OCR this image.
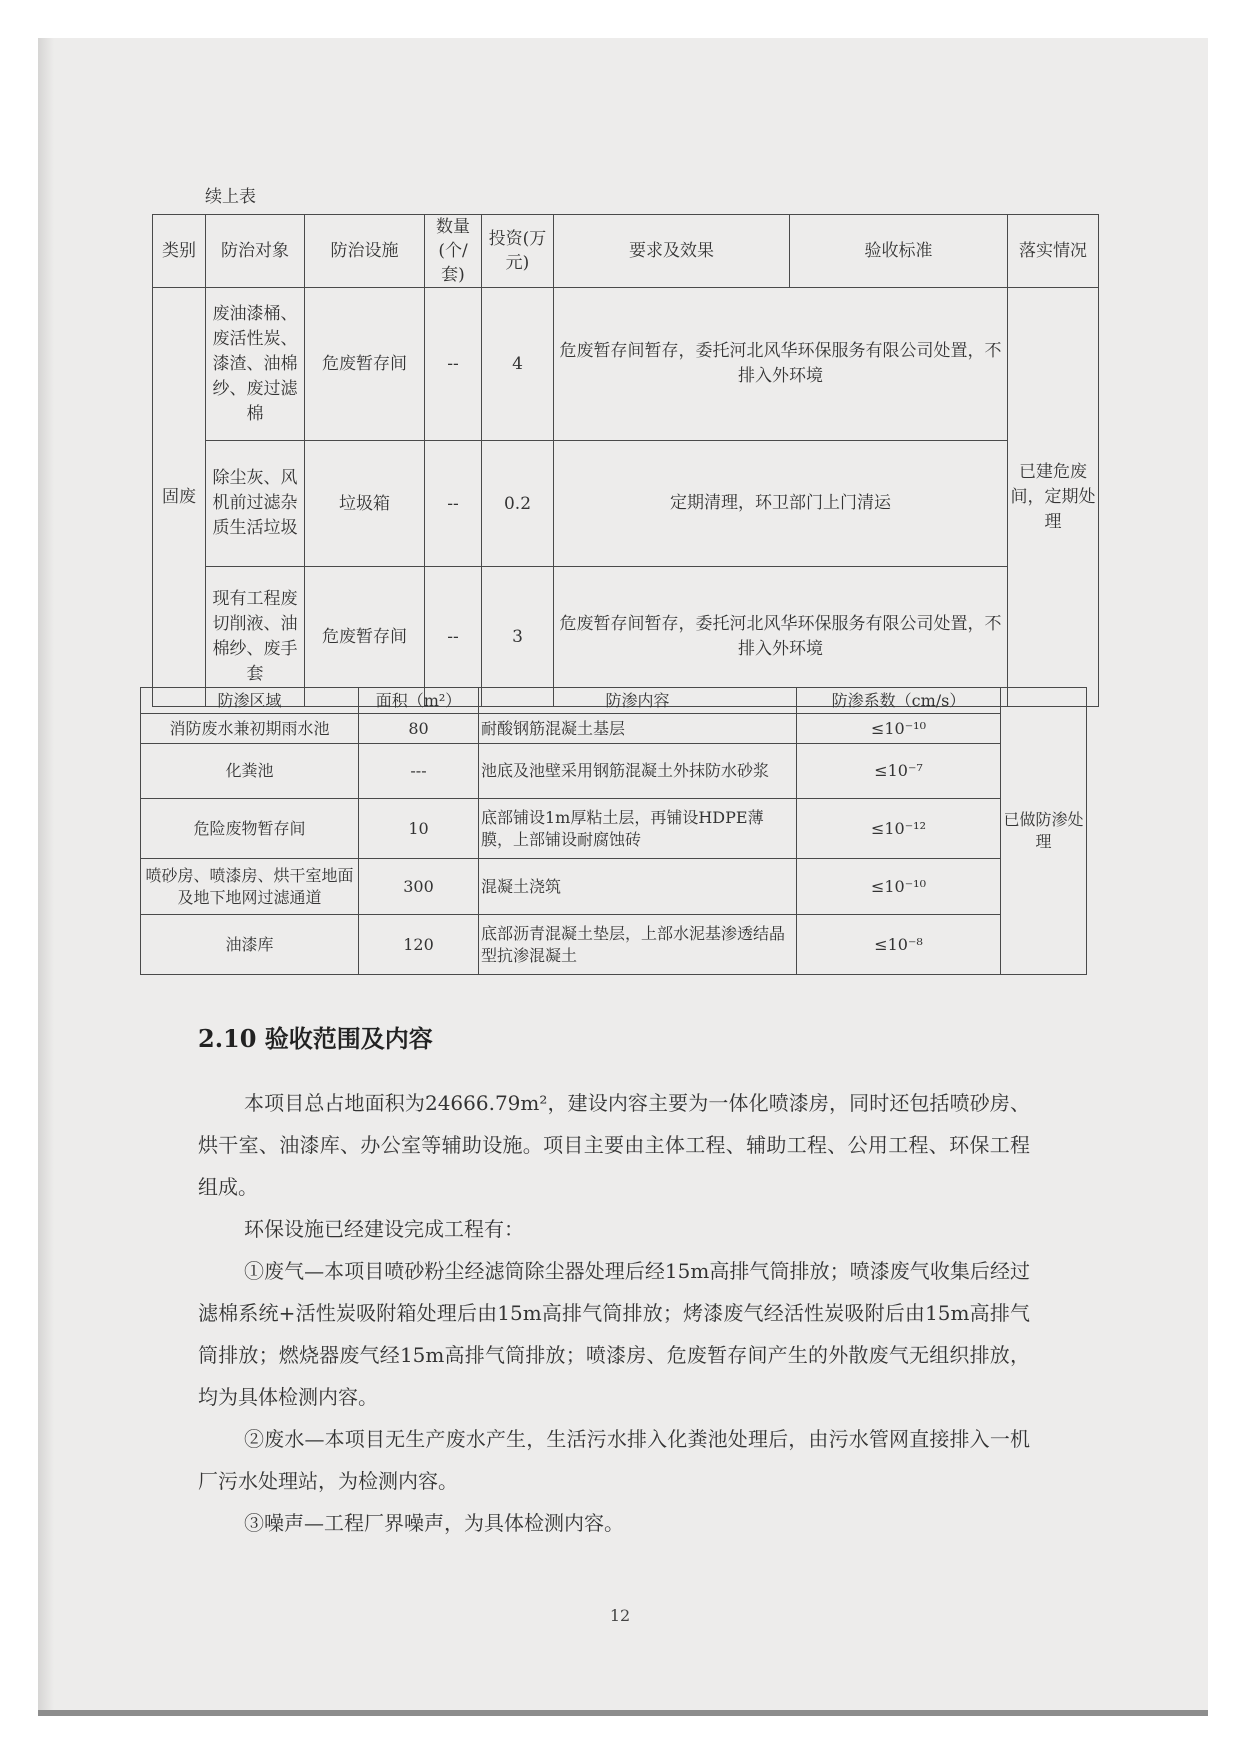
续上表
类别	防治对象	防治设施	数量(个/套)	投资(万元)	要求及效果	验收标准	落实情况
固废	废油漆桶、废活性炭、漆渣、油棉纱、废过滤棉	危废暂存间	--	4	危废暂存间暂存，委托河北风华环保服务有限公司处置，不排入外环境		已建危废间，定期处理
	除尘灰、风机前过滤杂质生活垃圾	垃圾箱	--	0.2	定期清理，环卫部门上门清运		
	现有工程废切削液、油棉纱、废手套	危废暂存间	--	3	危废暂存间暂存，委托河北风华环保服务有限公司处置，不排入外环境		
防渗区域	面积（m²）	防渗内容	防渗系数（cm/s）	已做防渗处理
消防废水兼初期雨水池	80	耐酸钢筋混凝土基层	≤10⁻¹⁰	
化粪池	---	池底及池壁采用钢筋混凝土外抹防水砂浆	≤10⁻⁷	
危险废物暂存间	10	底部铺设1m厚粘土层，再铺设HDPE薄膜，上部铺设耐腐蚀砖	≤10⁻¹²	
喷砂房、喷漆房、烘干室地面及地下地网过滤通道	300	混凝土浇筑	≤10⁻¹⁰	
油漆库	120	底部沥青混凝土垫层，上部水泥基渗透结晶型抗渗混凝土	≤10⁻⁸	
2.10 验收范围及内容

本项目总占地面积为24666.79m²，建设内容主要为一体化喷漆房，同时还包括喷砂房、烘干室、油漆库、办公室等辅助设施。项目主要由主体工程、辅助工程、公用工程、环保工程组成。

环保设施已经建设完成工程有：

①废气—本项目喷砂粉尘经滤筒除尘器处理后经15m高排气筒排放；喷漆废气收集后经过滤棉系统+活性炭吸附箱处理后由15m高排气筒排放；烤漆废气经活性炭吸附后由15m高排气筒排放；燃烧器废气经15m高排气筒排放；喷漆房、危废暂存间产生的外散废气无组织排放，均为具体检测内容。

②废水—本项目无生产废水产生，生活污水排入化粪池处理后，由污水管网直接排入一机厂污水处理站，为检测内容。

③噪声—工程厂界噪声，为具体检测内容。

12
